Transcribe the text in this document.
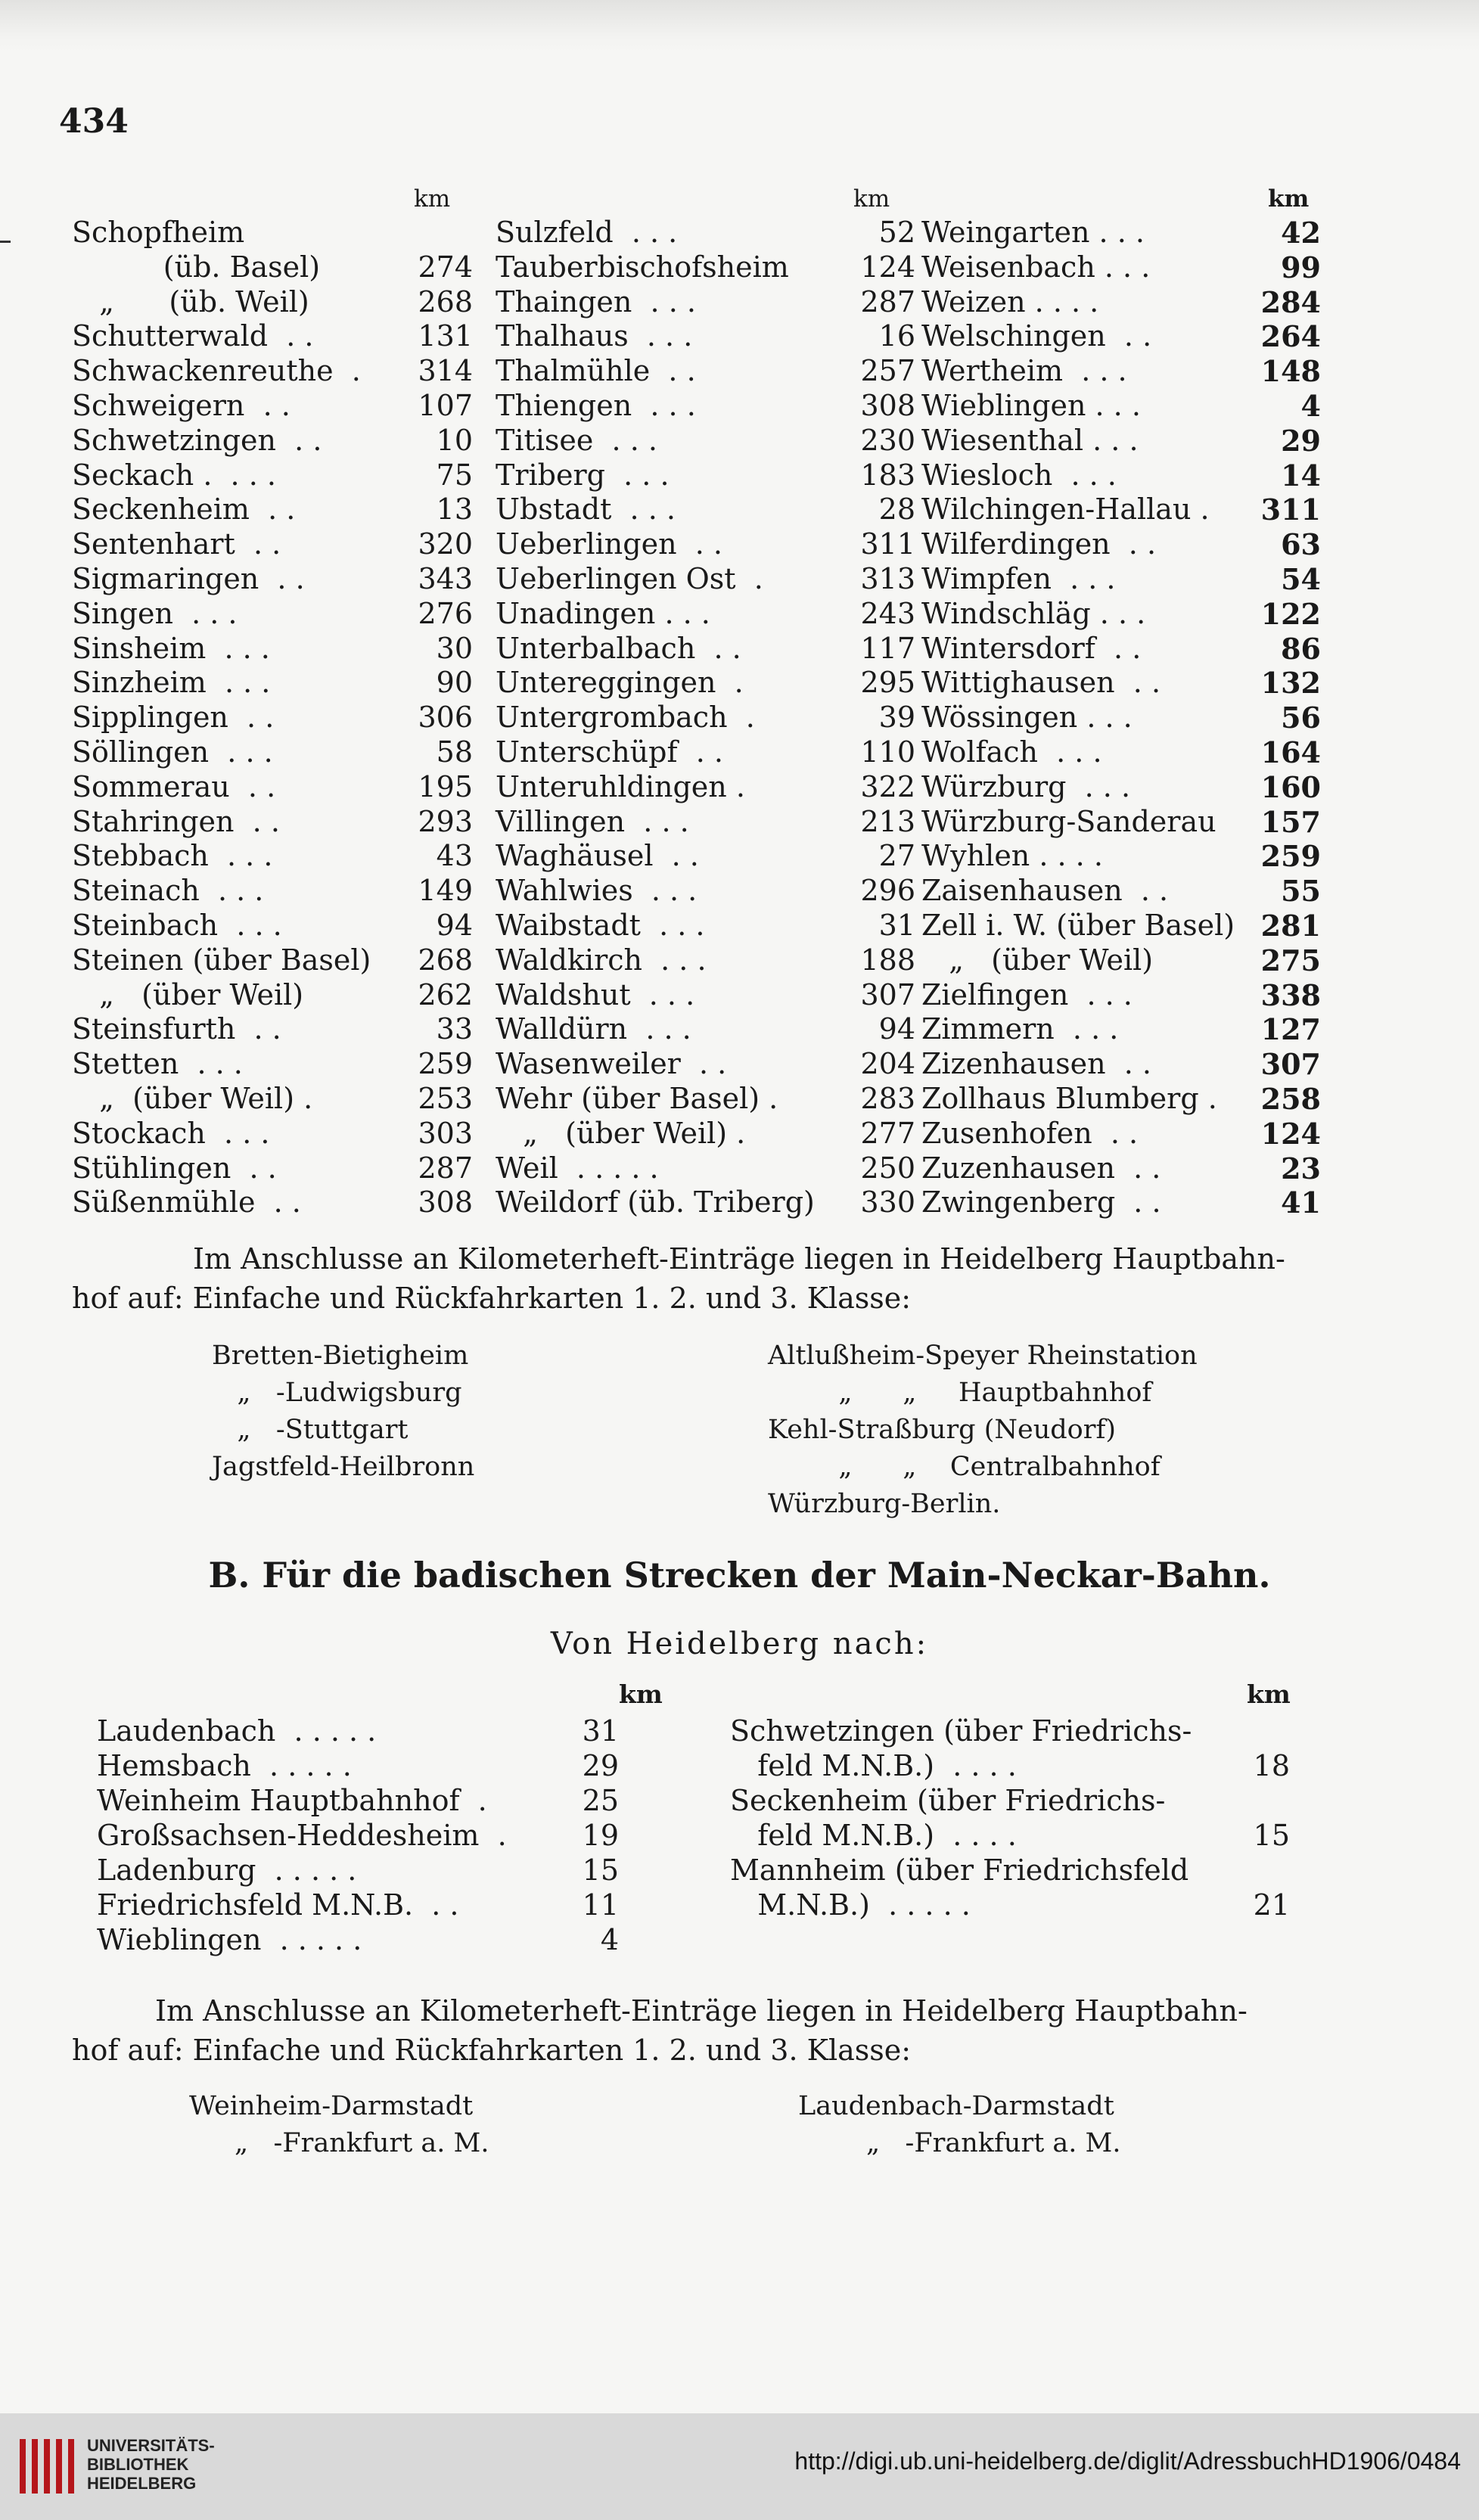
434
km	km	km
Schopfheim
(üb. Basel)	274
„      (üb. Weil)	268
Schutterwald  . .	131
Schwackenreuthe  . 314
Schweigern  . .	107
Schwetzingen  . .	10
Seckach .  . . .	75
Seckenheim  . .	13
Sentenhart  . .	320
Sigmaringen  . .	343
Singen  . . .	276
Sinsheim  . . .	30
Sinzheim  . . .	90
Sipplingen  . .	306
Söllingen  . . .	58
Sommerau  . .	195
Stahringen  . .	293
Stebbach  . . .	43
Steinach  . . .	149
Steinbach  . . .	94
Steinen (über Basel) 268
„   (über Weil)	262
Steinsfurth  . .	33
Stetten  . . .	259
„  (über Weil) .	253
Stockach  . . .	303
Stühlingen  . .	287
Süßenmühle  . .	308
Sulzfeld  . . .	52
Tauberbischofsheim 124
Thaingen  . . .	287
Thalhaus  . . .	16
Thalmühle  . .	257
Thiengen  . . .	308
Titisee  . . .	230
Triberg  . . .	183
Ubstadt  . . .	28
Ueberlingen  . .	311
Ueberlingen Ost  .	313
Unadingen . . .	243
Unterbalbach  . .	117
Untereggingen  .	295
Untergrombach  .	39
Unterschüpf  . .	110
Unteruhldingen .	322
Villingen  . . .	213
Waghäusel  . .	27
Wahlwies  . . .	296
Waibstadt  . . .	31
Waldkirch  . . .	188
Waldshut  . . .	307
Walldürn  . . .	94
Wasenweiler  . .	204
Wehr (über Basel) .	283
„   (über Weil) .	277
Weil  . . . . .	250
Weildorf (üb. Triberg) 330
Weingarten . . .	42
Weisenbach . . .	99
Weizen . . . .	284
Welschingen  . .	264
Wertheim  . . .	148
Wieblingen . . .	4
Wiesenthal . . .	29
Wiesloch  . . .	14
Wilchingen-Hallau . 311
Wilferdingen  . .	63
Wimpfen  . . .	54
Windschläg . . .	122
Wintersdorf  . .	86
Wittighausen  . .	132
Wössingen . . .	56
Wolfach  . . .	164
Würzburg  . . .	160
Würzburg-Sanderau 157
Wyhlen . . . .	259
Zaisenhausen  . .	55
Zell i. W. (über Basel) 281
„   (über Weil)	275
Zielfingen  . . .	338
Zimmern  . . .	127
Zizenhausen  . .	307
Zollhaus Blumberg . 258
Zusenhofen  . .	124
Zuzenhausen  . .	23
Zwingenberg  . .	41
Im Anschlusse an Kilometerheft-Einträge liegen in Heidelberg Hauptbahn-
hof auf: Einfache und Rückfahrkarten 1. 2. und 3. Klasse:
Bretten-Bietigheim
„   -Ludwigsburg
„   -Stuttgart
Jagstfeld-Heilbronn
Altlußheim-Speyer Rheinstation
„      „     Hauptbahnhof
Kehl-Straßburg (Neudorf)
„      „    Centralbahnhof
Würzburg-Berlin.
B. Für die badischen Strecken der Main-Neckar-Bahn.
Von Heidelberg nach:
km	km
Laudenbach  . . . . .	31
Hemsbach  . . . . .	29
Weinheim Hauptbahnhof  .	25
Großsachsen-Heddesheim  .	19
Ladenburg  . . . . .	15
Friedrichsfeld M.N.B.  . .	11
Wieblingen  . . . . .	4
Schwetzingen (über Friedrichs-
feld M.N.B.)  . . . .	18
Seckenheim (über Friedrichs-
feld M.N.B.)  . . . .	15
Mannheim (über Friedrichsfeld
M.N.B.)  . . . . .	21
Im Anschlusse an Kilometerheft-Einträge liegen in Heidelberg Hauptbahn-
hof auf: Einfache und Rückfahrkarten 1. 2. und 3. Klasse:
Weinheim-Darmstadt
„   -Frankfurt a. M.
Laudenbach-Darmstadt
„   -Frankfurt a. M.
UNIVERSITÄTS-
BIBLIOTHEK
HEIDELBERG
http://digi.ub.uni-heidelberg.de/diglit/AdressbuchHD1906/0484
